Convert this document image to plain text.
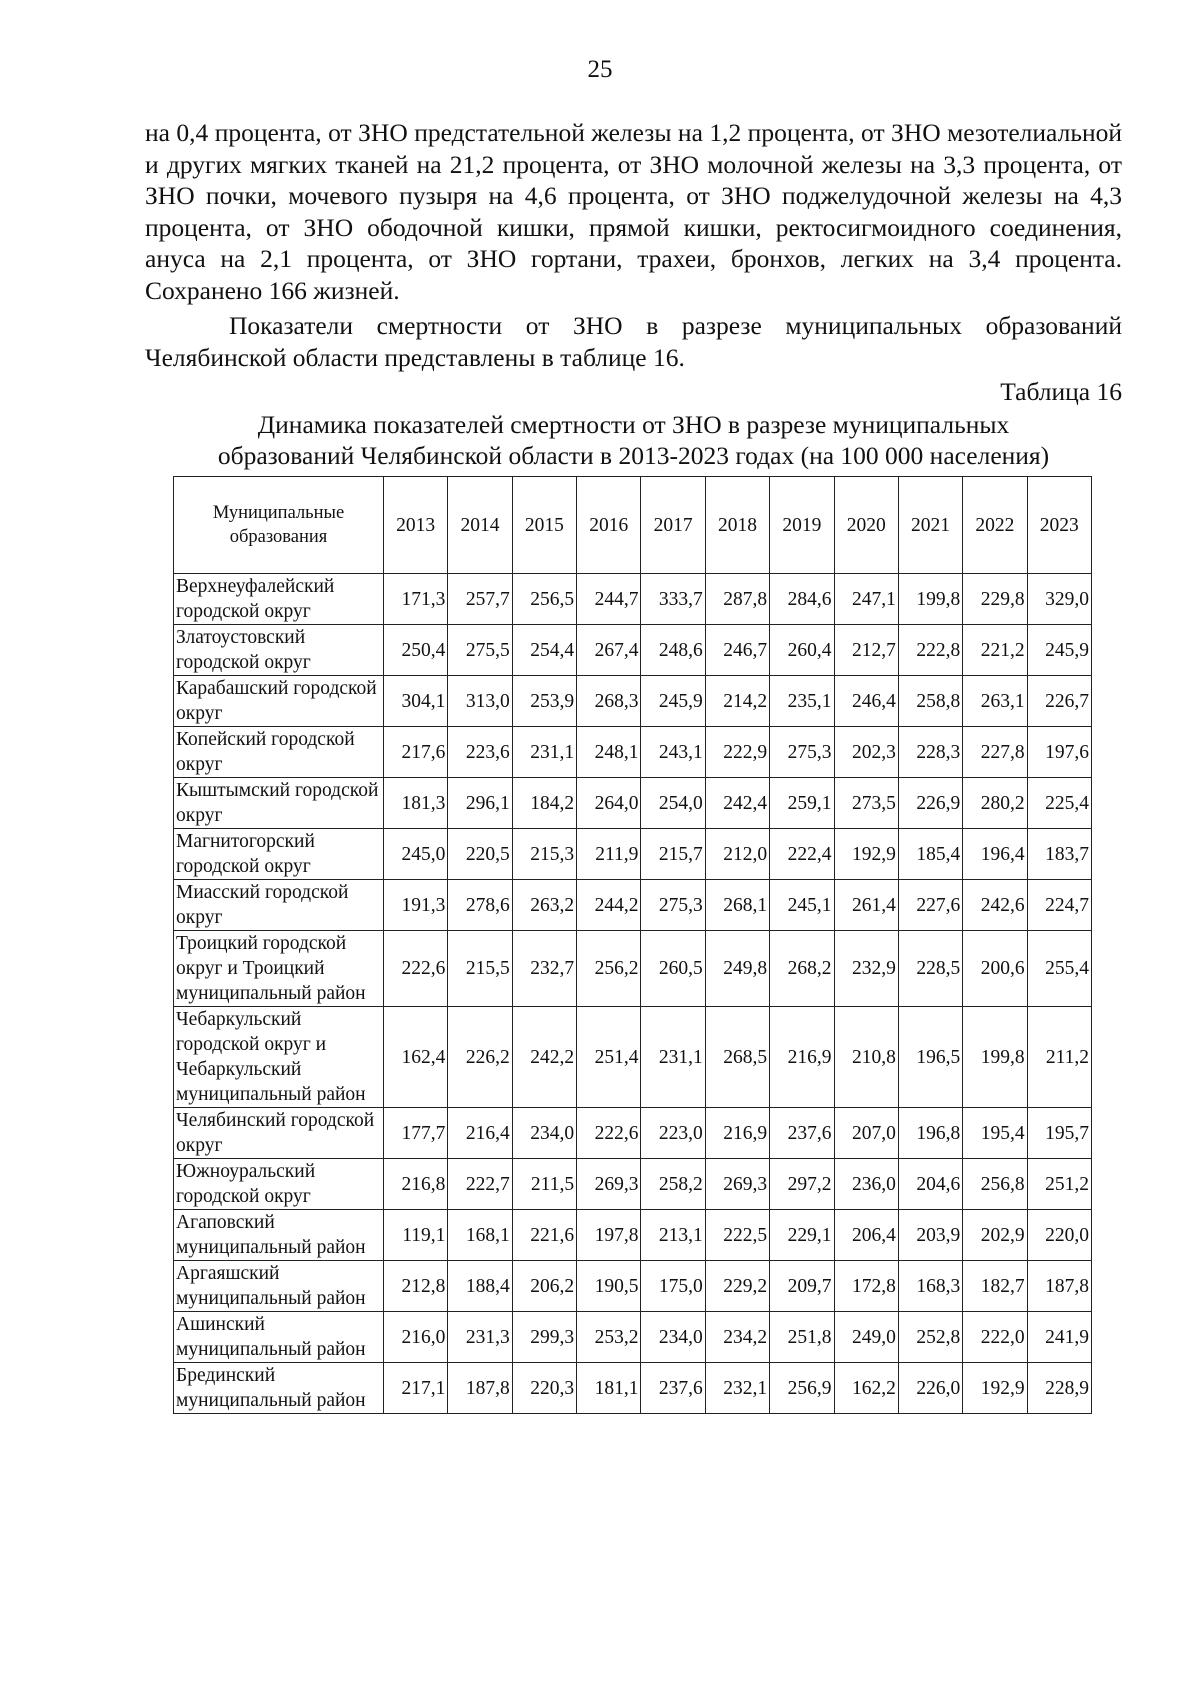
25

на 0,4 процента, от ЗНО предстательной железы на 1,2 процента, от ЗНО мезотелиальной и других мягких тканей на 21,2 процента, от ЗНО молочной железы на 3,3 процента, от ЗНО почки, мочевого пузыря на 4,6 процента, от ЗНО поджелудочной железы на 4,3 процента, от ЗНО ободочной кишки, прямой кишки, ректосигмоидного соединения, ануса на 2,1 процента, от ЗНО гортани, трахеи, бронхов, легких на 3,4 процента. Сохранено 166 жизней.

Показатели смертности от ЗНО в разрезе муниципальных образований Челябинской области представлены в таблице 16.

Таблица 16
Динамика показателей смертности от ЗНО в разрезе муниципальных
образований Челябинской области в 2013-2023 годах (на 100 000 населения)
Муниципальные образования	2013	2014	2015	2016	2017	2018	2019	2020	2021	2022	2023
Верхнеуфалейский городской округ	171,3	257,7	256,5	244,7	333,7	287,8	284,6	247,1	199,8	229,8	329,0
Златоустовский городской округ	250,4	275,5	254,4	267,4	248,6	246,7	260,4	212,7	222,8	221,2	245,9
Карабашский городской округ	304,1	313,0	253,9	268,3	245,9	214,2	235,1	246,4	258,8	263,1	226,7
Копейский городской округ	217,6	223,6	231,1	248,1	243,1	222,9	275,3	202,3	228,3	227,8	197,6
Кыштымский городской округ	181,3	296,1	184,2	264,0	254,0	242,4	259,1	273,5	226,9	280,2	225,4
Магнитогорский городской округ	245,0	220,5	215,3	211,9	215,7	212,0	222,4	192,9	185,4	196,4	183,7
Миасский городской округ	191,3	278,6	263,2	244,2	275,3	268,1	245,1	261,4	227,6	242,6	224,7
Троицкий городской округ и Троицкий муниципальный район	222,6	215,5	232,7	256,2	260,5	249,8	268,2	232,9	228,5	200,6	255,4
Чебаркульский городской округ и Чебаркульский муниципальный район	162,4	226,2	242,2	251,4	231,1	268,5	216,9	210,8	196,5	199,8	211,2
Челябинский городской округ	177,7	216,4	234,0	222,6	223,0	216,9	237,6	207,0	196,8	195,4	195,7
Южноуральский городской округ	216,8	222,7	211,5	269,3	258,2	269,3	297,2	236,0	204,6	256,8	251,2
Агаповский муниципальный район	119,1	168,1	221,6	197,8	213,1	222,5	229,1	206,4	203,9	202,9	220,0
Аргаяшский муниципальный район	212,8	188,4	206,2	190,5	175,0	229,2	209,7	172,8	168,3	182,7	187,8
Ашинский муниципальный район	216,0	231,3	299,3	253,2	234,0	234,2	251,8	249,0	252,8	222,0	241,9
Брединский муниципальный район	217,1	187,8	220,3	181,1	237,6	232,1	256,9	162,2	226,0	192,9	228,9
